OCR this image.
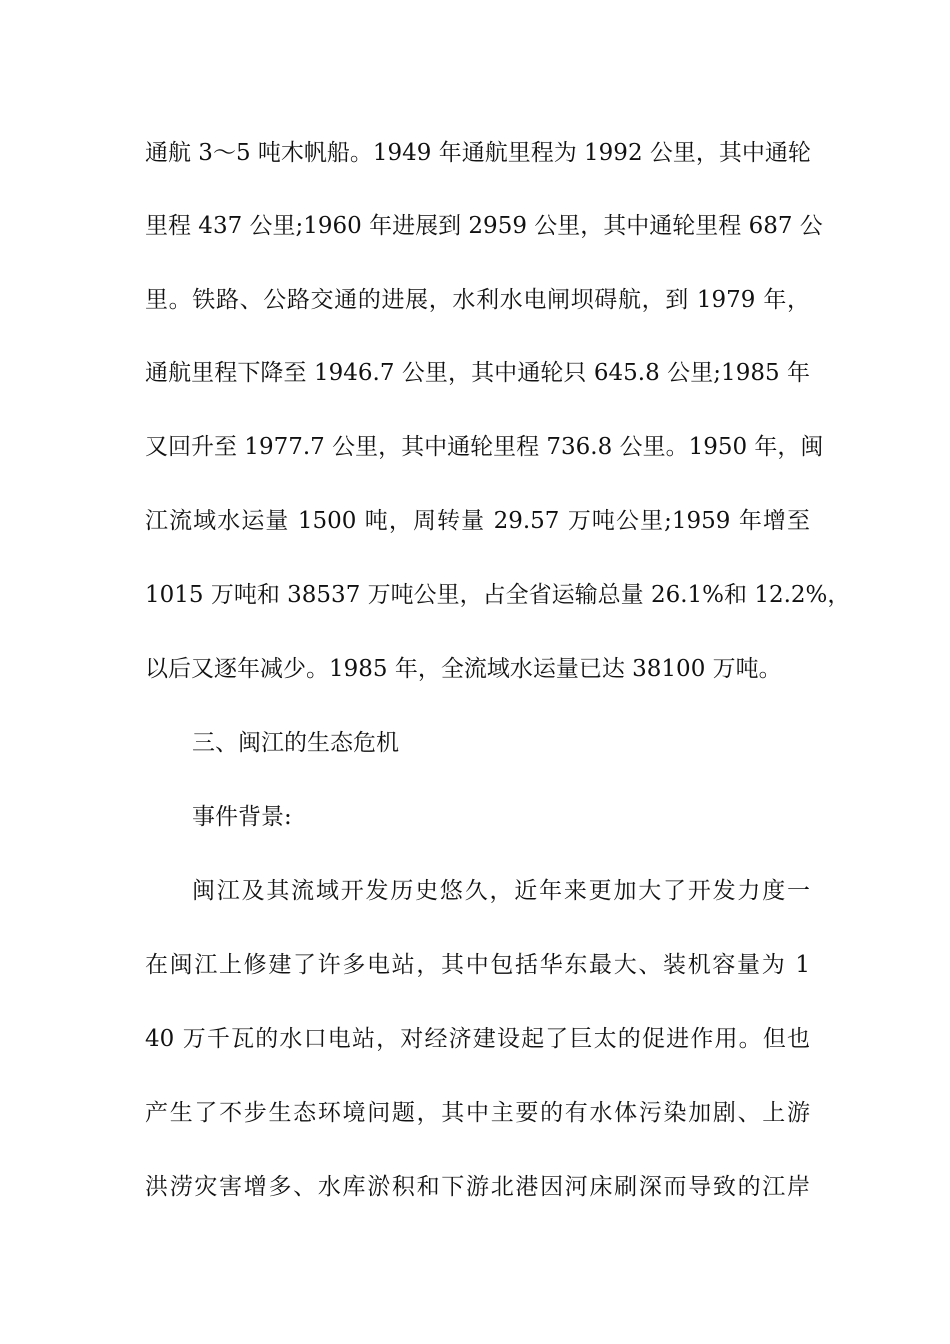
通航 3～5 吨木帆船。1949 年通航里程为 1992 公里，其中通轮
里程 437 公里;1960 年进展到 2959 公里，其中通轮里程 687 公
里。铁路、公路交通的进展，水利水电闸坝碍航，到 1979 年，
通航里程下降至 1946.7 公里，其中通轮只 645.8 公里;1985 年
又回升至 1977.7 公里，其中通轮里程 736.8 公里。1950 年，闽
江流域水运量 1500 吨，周转量 29.57 万吨公里;1959 年增至
1015 万吨和 38537 万吨公里，占全省运输总量 26.1%和 12.2%，
以后又逐年减少。1985 年，全流域水运量已达 38100 万吨。
三、闽江的生态危机
事件背景:
闽江及其流域开发历史悠久，近年来更加大了开发力度一
在闽江上修建了许多电站，其中包括华东最大、装机容量为 1
40 万千瓦的水口电站，对经济建设起了巨太的促进作用。但也
产生了不步生态环境问题，其中主要的有水体污染加剧、上游
洪涝灾害增多、水库淤积和下游北港因河床刷深而导致的江岸
